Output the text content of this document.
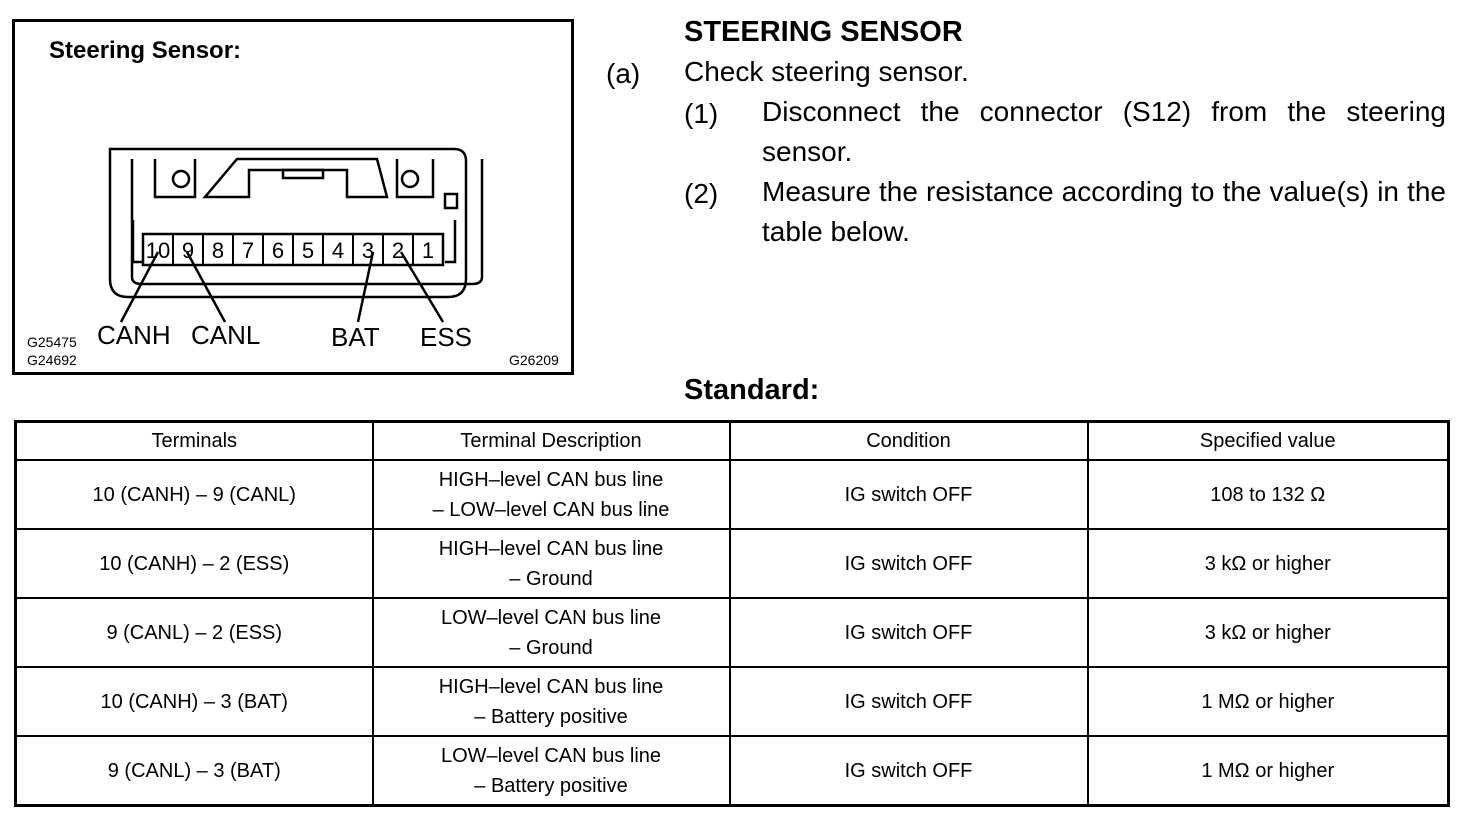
Steering Sensor:
10 9 8 7 6 5 4 3 2 1
CANH CANL	BAT ESS
G25475
G24692	G26209
STEERING SENSOR
(a) Check steering sensor.
(1) Disconnect the connector (S12) from the steering sensor.
(2) Measure the resistance according to the value(s) in the table below.
Standard:
Terminals	Terminal Description	Condition	Specified value
10 (CANH) – 9 (CANL)	HIGH–level CAN bus line
– LOW–level CAN bus line	IG switch OFF	108 to 132 Ω
10 (CANH) – 2 (ESS)	HIGH–level CAN bus line
– Ground	IG switch OFF	3 kΩ or higher
9 (CANL) – 2 (ESS)	LOW–level CAN bus line
– Ground	IG switch OFF	3 kΩ or higher
10 (CANH) – 3 (BAT)	HIGH–level CAN bus line
– Battery positive	IG switch OFF	1 MΩ or higher
9 (CANL) – 3 (BAT)	LOW–level CAN bus line
– Battery positive	IG switch OFF	1 MΩ or higher
